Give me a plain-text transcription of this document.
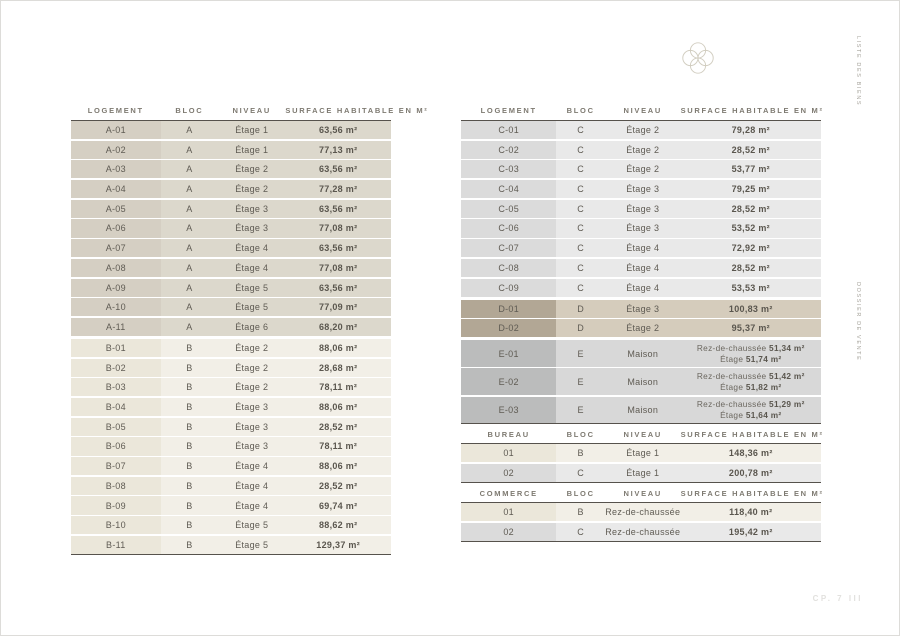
LISTE DES BIENS
DOSSIER DE VENTE
LOGEMENT	BLOC	NIVEAU	SURFACE HABITABLE EN M²
A-01	A	Étage 1	63,56 m²
A-02	A	Étage 1	77,13 m²
A-03	A	Étage 2	63,56 m²
A-04	A	Étage 2	77,28 m²
A-05	A	Étage 3	63,56 m²
A-06	A	Étage 3	77,08 m²
A-07	A	Étage 4	63,56 m²
A-08	A	Étage 4	77,08 m²
A-09	A	Étage 5	63,56 m²
A-10	A	Étage 5	77,09 m²
A-11	A	Étage 6	68,20 m²
B-01	B	Étage 2	88,06 m²
B-02	B	Étage 2	28,68 m²
B-03	B	Étage 2	78,11 m²
B-04	B	Étage 3	88,06 m²
B-05	B	Étage 3	28,52 m²
B-06	B	Étage 3	78,11 m²
B-07	B	Étage 4	88,06 m²
B-08	B	Étage 4	28,52 m²
B-09	B	Étage 4	69,74 m²
B-10	B	Étage 5	88,62 m²
B-11	B	Étage 5	129,37 m²
LOGEMENT	BLOC	NIVEAU	SURFACE HABITABLE EN M²
C-01	C	Étage 2	79,28 m²
C-02	C	Étage 2	28,52 m²
C-03	C	Étage 2	53,77 m²
C-04	C	Étage 3	79,25 m²
C-05	C	Étage 3	28,52 m²
C-06	C	Étage 3	53,52 m²
C-07	C	Étage 4	72,92 m²
C-08	C	Étage 4	28,52 m²
C-09	C	Étage 4	53,53 m²
D-01	D	Étage 3	100,83 m²
D-02	D	Étage 2	95,37 m²
E-01	E	Maison
Rez-de-chaussée 51,34 m²
Étage 51,74 m²
E-02	E	Maison
Rez-de-chaussée 51,42 m²
Étage 51,82 m²
E-03	E	Maison
Rez-de-chaussée 51,29 m²
Étage 51,64 m²
BUREAU	BLOC	NIVEAU	SURFACE HABITABLE EN M²
01	B	Étage 1	148,36 m²
02	C	Étage 1	200,78 m²
COMMERCE	BLOC	NIVEAU	SURFACE HABITABLE EN M²
01	B	Rez-de-chaussée	118,40 m²
02	C	Rez-de-chaussée	195,42 m²
CP. 7 III
